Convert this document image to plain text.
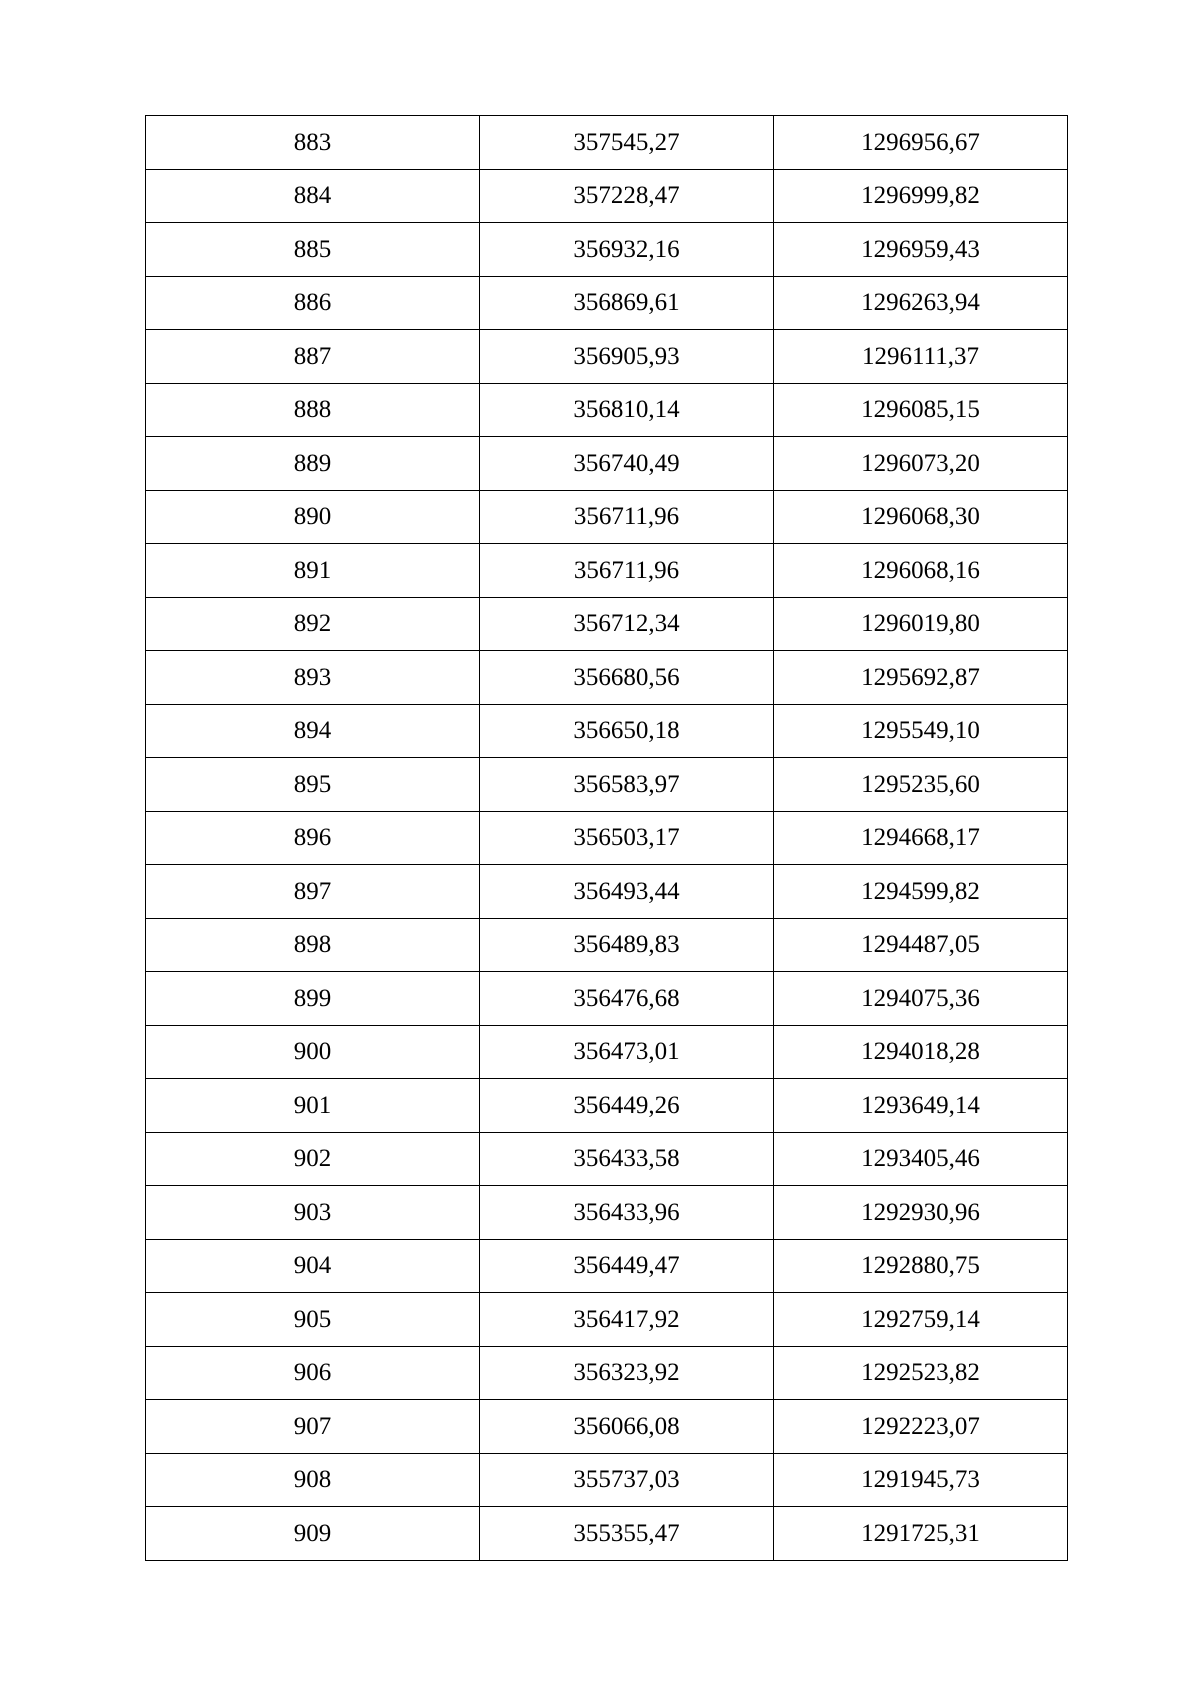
883	357545,27	1296956,67
884	357228,47	1296999,82
885	356932,16	1296959,43
886	356869,61	1296263,94
887	356905,93	1296111,37
888	356810,14	1296085,15
889	356740,49	1296073,20
890	356711,96	1296068,30
891	356711,96	1296068,16
892	356712,34	1296019,80
893	356680,56	1295692,87
894	356650,18	1295549,10
895	356583,97	1295235,60
896	356503,17	1294668,17
897	356493,44	1294599,82
898	356489,83	1294487,05
899	356476,68	1294075,36
900	356473,01	1294018,28
901	356449,26	1293649,14
902	356433,58	1293405,46
903	356433,96	1292930,96
904	356449,47	1292880,75
905	356417,92	1292759,14
906	356323,92	1292523,82
907	356066,08	1292223,07
908	355737,03	1291945,73
909	355355,47	1291725,31
